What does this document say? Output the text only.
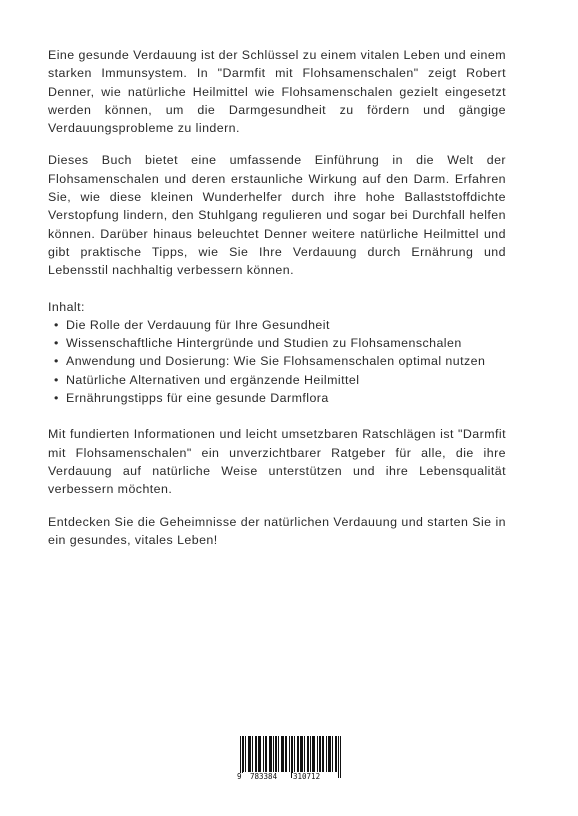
Eine gesunde Verdauung ist der Schlüssel zu einem vitalen Leben und einem starken Immunsystem. In "Darmfit mit Flohsamenschalen" zeigt Robert Denner, wie natürliche Heilmittel wie Flohsamenschalen gezielt eingesetzt werden können, um die Darmgesundheit zu fördern und gängige Verdauungsprobleme zu lindern.

Dieses Buch bietet eine umfassende Einführung in die Welt der Flohsamenschalen und deren erstaunliche Wirkung auf den Darm. Erfahren Sie, wie diese kleinen Wunderhelfer durch ihre hohe Ballaststoffdichte Verstopfung lindern, den Stuhlgang regulieren und sogar bei Durchfall helfen können. Darüber hinaus beleuchtet Denner weitere natürliche Heilmittel und gibt praktische Tipps, wie Sie Ihre Verdauung durch Ernährung und Lebensstil nachhaltig verbessern können.

Inhalt:

• Die Rolle der Verdauung für Ihre Gesundheit
• Wissenschaftliche Hintergründe und Studien zu Flohsamenschalen
• Anwendung und Dosierung: Wie Sie Flohsamenschalen optimal nutzen
• Natürliche Alternativen und ergänzende Heilmittel
• Ernährungstipps für eine gesunde Darmflora

Mit fundierten Informationen und leicht umsetzbaren Ratschlägen ist "Darmfit mit Flohsamenschalen" ein unverzichtbarer Ratgeber für alle, die ihre Verdauung auf natürliche Weise unterstützen und ihre Lebensqualität verbessern möchten.

Entdecken Sie die Geheimnisse der natürlichen Verdauung und starten Sie in ein gesundes, vitales Leben!

9 783384 310712
